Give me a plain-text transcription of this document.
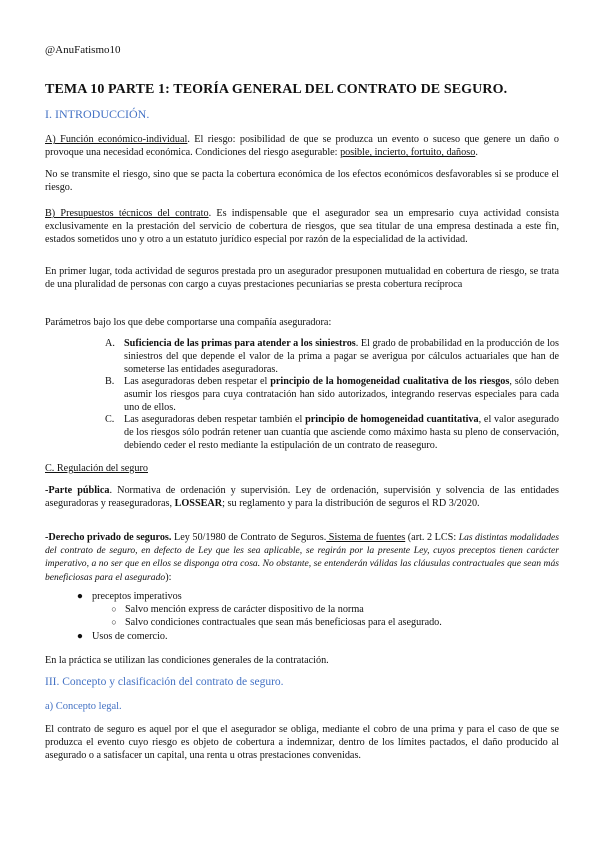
@AnuFatismo10

TEMA 10 PARTE 1: TEORÍA GENERAL DEL CONTRATO DE SEGURO.

I. INTRODUCCIÓN.

A) Función económico-individual. El riesgo: posibilidad de que se produzca un evento o suceso que genere un daño o provoque una necesidad económica. Condiciones del riesgo asegurable: posible, incierto, fortuito, dañoso.

No se transmite el riesgo, sino que se pacta la cobertura económica de los efectos económicos desfavorables si se produce el riesgo.

B) Presupuestos técnicos del contrato. Es indispensable que el asegurador sea un empresario cuya actividad consista exclusivamente en la prestación del servicio de cobertura de riesgos, que sea titular de una empresa destinada a este fin, estados sometidos uno y otro a un estatuto jurídico especial por razón de la especialidad de la actividad.

En primer lugar, toda actividad de seguros prestada pro un asegurador presuponen mutualidad en cobertura de riesgo, se trata de una pluralidad de personas con cargo a cuyas prestaciones pecuniarias se presta cobertura recíproca

Parámetros bajo los que debe comportarse una compañía aseguradora:

A. Suficiencia de las primas para atender a los siniestros. El grado de probabilidad en la producción de los siniestros del que depende el valor de la prima a pagar se averigua por cálculos actuariales que han de someterse las entidades aseguradoras.
B. Las aseguradoras deben respetar el principio de la homogeneidad cualitativa de los riesgos, sólo deben asumir los riesgos para cuya contratación han sido autorizados, integrando reservas especiales para cada uno de ellos.
C. Las aseguradoras deben respetar también el principio de homogeneidad cuantitativa, el valor asegurado de los riesgos sólo podrán retener uan cuantía que asciende como máximo hasta su pleno de conservación, debiendo ceder el resto mediante la estipulación de un contrato de reaseguro.

C. Regulación del seguro

-Parte pública. Normativa de ordenación y supervisión. Ley de ordenación, supervisión y solvencia de las entidades aseguradoras y reaseguradoras, LOSSEAR; su reglamento y para la distribución de seguros el RD 3/2020.

-Derecho privado de seguros. Ley 50/1980 de Contrato de Seguros. Sistema de fuentes (art. 2 LCS: Las distintas modalidades del contrato de seguro, en defecto de Ley que les sea aplicable, se regirán por la presente Ley, cuyos preceptos tienen carácter imperativo, a no ser que en ellos se disponga otra cosa. No obstante, se entenderán válidas las cláusulas contractuales que sean más beneficiosas para el asegurado):

● preceptos imperativos
○ Salvo mención express de carácter dispositivo de la norma
○ Salvo condiciones contractuales que sean más beneficiosas para el asegurado.
● Usos de comercio.

En la práctica se utilizan las condiciones generales de la contratación.

III. Concepto y clasificación del contrato de seguro.

a) Concepto legal.

El contrato de seguro es aquel por el que el asegurador se obliga, mediante el cobro de una prima y para el caso de que se produzca el evento cuyo riesgo es objeto de cobertura a indemnizar, dentro de los límites pactados, el daño producido al asegurado o a satisfacer un capital, una renta u otras prestaciones convenidas.
